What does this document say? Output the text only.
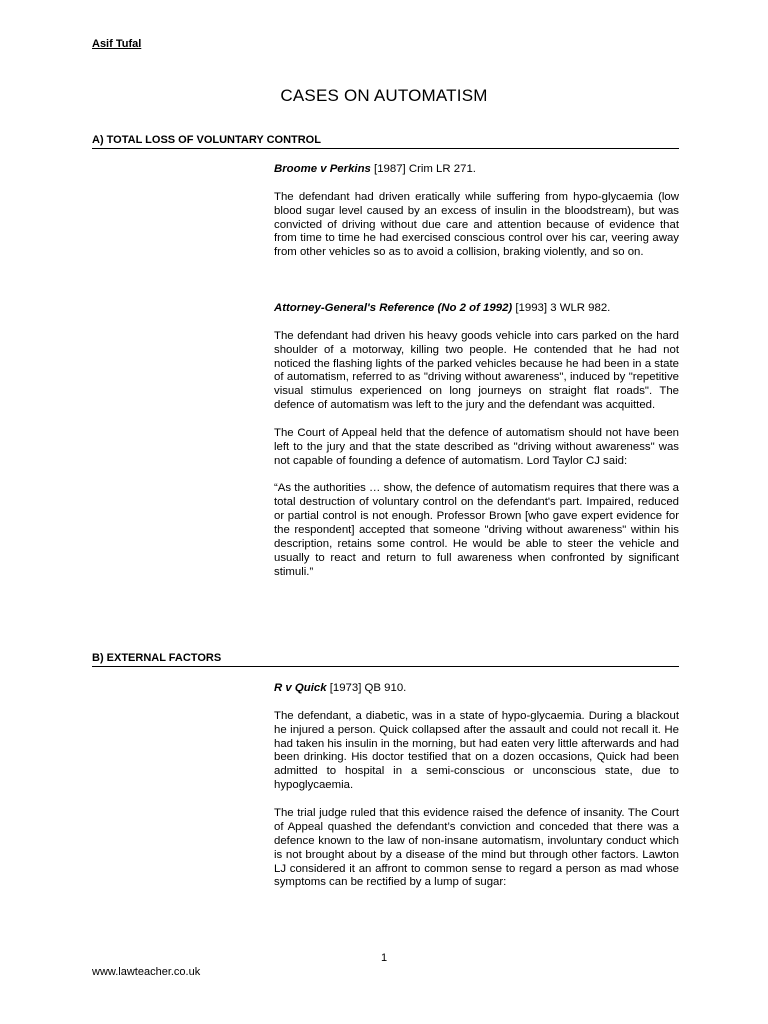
Asif Tufal
CASES ON AUTOMATISM
A) TOTAL LOSS OF VOLUNTARY CONTROL

Broome v Perkins [1987] Crim LR 271.

The defendant had driven eratically while suffering from hypo-glycaemia (low blood sugar level caused by an excess of insulin in the bloodstream), but was convicted of driving without due care and attention because of evidence that from time to time he had exercised conscious control over his car, veering away from other vehicles so as to avoid a collision, braking violently, and so on.

Attorney-General's Reference (No 2 of 1992) [1993] 3 WLR 982.

The defendant had driven his heavy goods vehicle into cars parked on the hard shoulder of a motorway, killing two people. He contended that he had not noticed the flashing lights of the parked vehicles because he had been in a state of automatism, referred to as "driving without awareness", induced by "repetitive visual stimulus experienced on long journeys on straight flat roads". The defence of automatism was left to the jury and the defendant was acquitted.

The Court of Appeal held that the defence of automatism should not have been left to the jury and that the state described as "driving without awareness" was not capable of founding a defence of automatism. Lord Taylor CJ said:

“As the authorities … show, the defence of automatism requires that there was a total destruction of voluntary control on the defendant's part. Impaired, reduced or partial control is not enough. Professor Brown [who gave expert evidence for the respondent] accepted that someone "driving without awareness" within his description, retains some control. He would be able to steer the vehicle and usually to react and return to full awareness when confronted by significant stimuli.”

B) EXTERNAL FACTORS

R v Quick [1973] QB 910.

The defendant, a diabetic, was in a state of hypo-glycaemia. During a blackout he injured a person. Quick collapsed after the assault and could not recall it. He had taken his insulin in the morning, but had eaten very little afterwards and had been drinking. His doctor testified that on a dozen occasions, Quick had been admitted to hospital in a semi-conscious or unconscious state, due to hypoglycaemia.

The trial judge ruled that this evidence raised the defence of insanity. The Court of Appeal quashed the defendant’s conviction and conceded that there was a defence known to the law of non-insane automatism, involuntary conduct which is not brought about by a disease of the mind but through other factors. Lawton LJ considered it an affront to common sense to regard a person as mad whose symptoms can be rectified by a lump of sugar:

1
www.lawteacher.co.uk
